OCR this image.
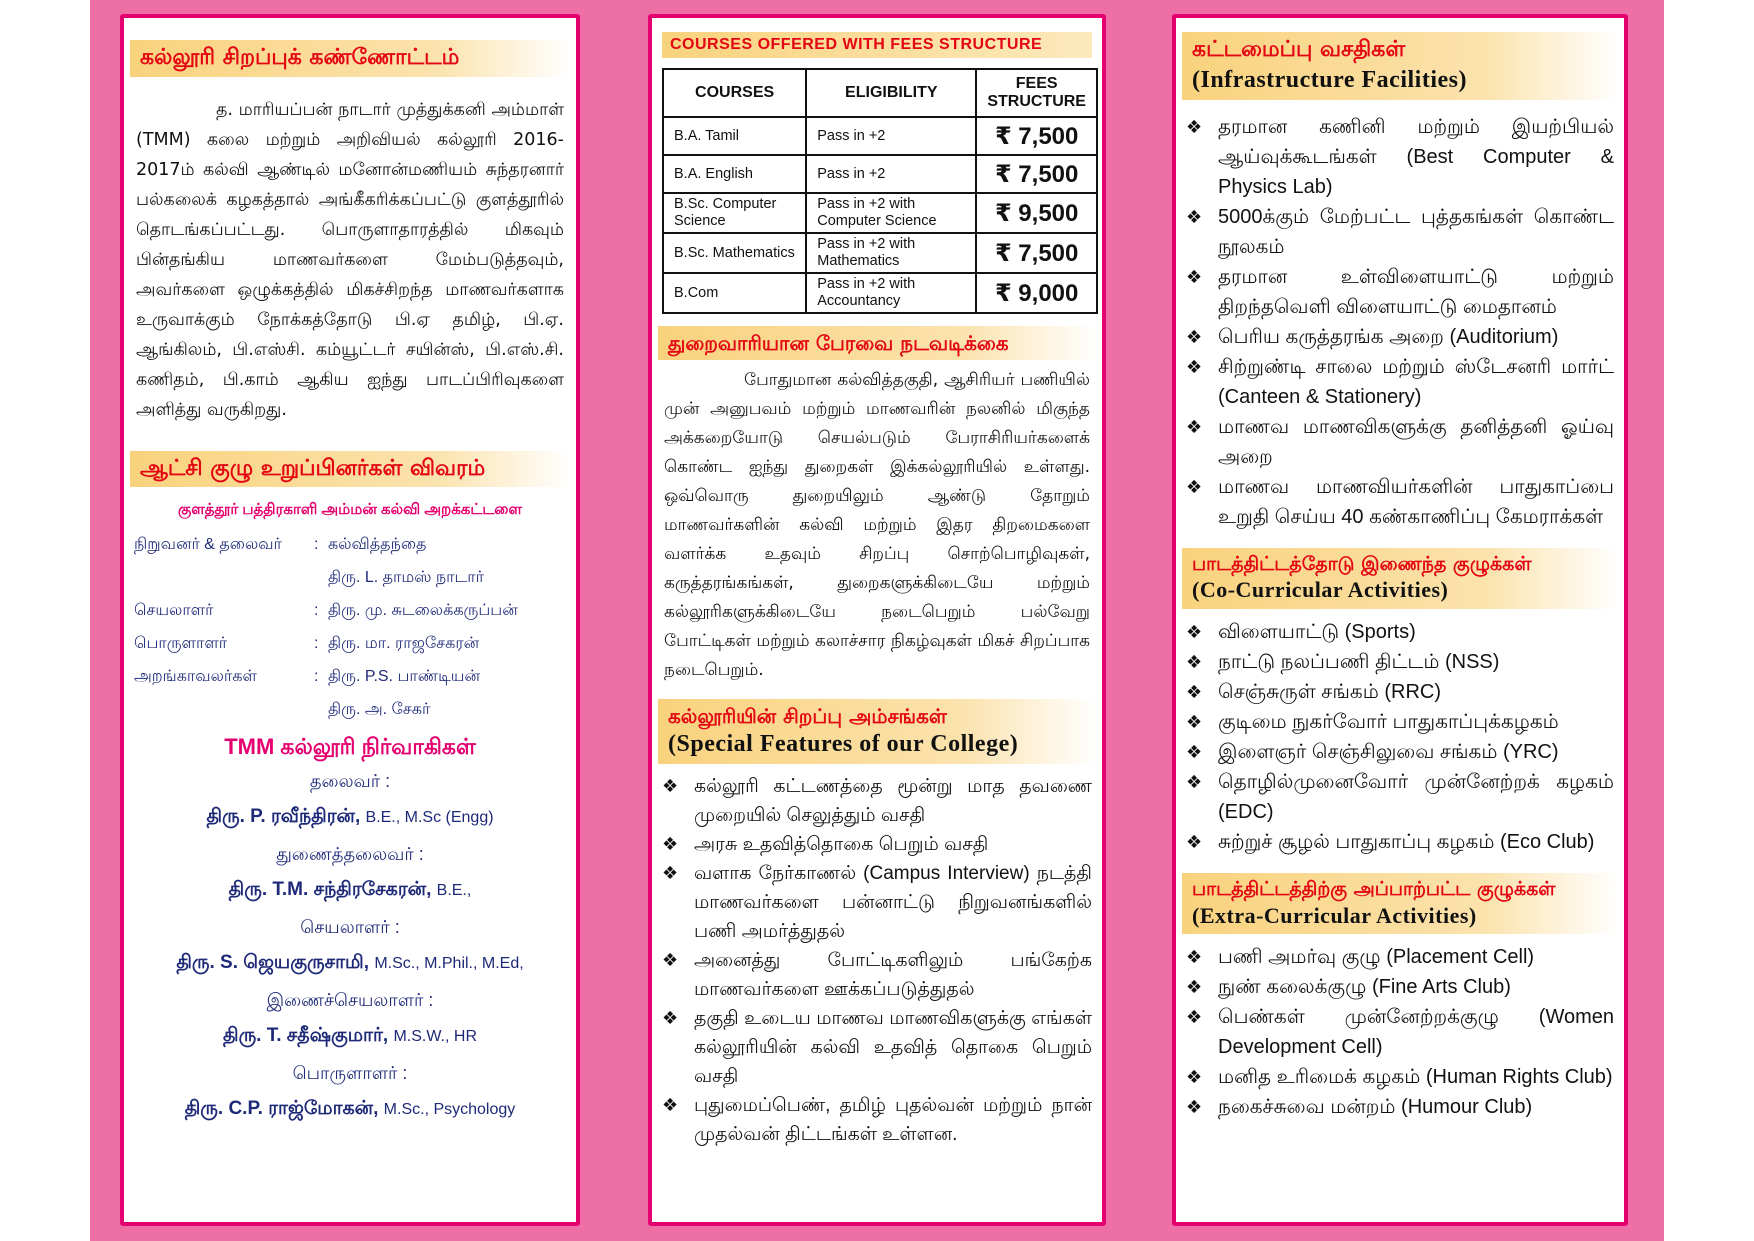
கல்லூரி சிறப்புக் கண்ணோட்டம்

த. மாரியப்பன் நாடார் முத்துக்கனி அம்மாள் (TMM) கலை மற்றும் அறிவியல் கல்லூரி 2016-2017ம் கல்வி ஆண்டில் மனோன்மணியம் சுந்தரனார் பல்கலைக் கழகத்தால் அங்கீகரிக்கப்பட்டு குளத்தூரில் தொடங்கப்பட்டது. பொருளாதாரத்தில் மிகவும் பின்தங்கிய மாணவர்களை மேம்படுத்தவும், அவர்களை ஒழுக்கத்தில் மிகச்சிறந்த மாணவர்களாக உருவாக்கும் நோக்கத்தோடு பி.ஏ தமிழ், பி.ஏ. ஆங்கிலம், பி.எஸ்சி. கம்யூட்டர் சயின்ஸ், பி.எஸ்.சி. கணிதம், பி.காம் ஆகிய ஐந்து பாடப்பிரிவுகளை அளித்து வருகிறது.

ஆட்சி குழு உறுப்பினர்கள் விவரம்
குளத்தூர் பத்திரகாளி அம்மன் கல்வி அறக்கட்டளை
நிறுவனர் & தலைவர்	: கல்வித்தந்தை
திரு. L. தாமஸ் நாடார்
செயலாளர்	: திரு. மு. சுடலைக்கருப்பன்
பொருளாளர்	: திரு. மா. ராஜசேகரன்
அறங்காவலர்கள்	: திரு. P.S. பாண்டியன்
திரு. அ. சேகர்
TMM கல்லூரி நிர்வாகிகள்
தலைவர் :
திரு. P. ரவீந்திரன், B.E., M.Sc (Engg)
துணைத்தலைவர் :
திரு. T.M. சந்திரசேகரன், B.E.,
செயலாளர் :
திரு. S. ஜெயகுருசாமி, M.Sc., M.Phil., M.Ed,
இணைச்செயலாளர் :
திரு. T. சதீஷ்குமார், M.S.W., HR
பொருளாளர் :
திரு. C.P. ராஜ்மோகன், M.Sc., Psychology
COURSES OFFERED WITH FEES STRUCTURE
COURSES	ELIGIBILITY	FEES STRUCTURE
B.A. Tamil	Pass in +2	₹ 7,500
B.A. English	Pass in +2	₹ 7,500
B.Sc. Computer Science	Pass in +2 with Computer Science	₹ 9,500
B.Sc. Mathematics	Pass in +2 with Mathematics	₹ 7,500
B.Com	Pass in +2 with Accountancy	₹ 9,000
துறைவாரியான பேரவை நடவடிக்கை

போதுமான கல்வித்தகுதி, ஆசிரியர் பணியில் முன் அனுபவம் மற்றும் மாணவரின் நலனில் மிகுந்த அக்கறையோடு செயல்படும் பேராசிரியர்களைக் கொண்ட ஐந்து துறைகள் இக்கல்லூரியில் உள்ளது. ஒவ்வொரு துறையிலும் ஆண்டு தோறும் மாணவர்களின் கல்வி மற்றும் இதர திறமைகளை வளர்க்க உதவும் சிறப்பு சொற்பொழிவுகள், கருத்தரங்கங்கள், துறைகளுக்கிடையே மற்றும் கல்லூரிகளுக்கிடையே நடைபெறும் பல்வேறு போட்டிகள் மற்றும் கலாச்சார நிகழ்வுகள் மிகச் சிறப்பாக நடைபெறும்.

கல்லூரியின் சிறப்பு அம்சங்கள்
(Special Features of our College)
❖ கல்லூரி கட்டணத்தை மூன்று மாத தவணை முறையில் செலுத்தும் வசதி
❖ அரசு உதவித்தொகை பெறும் வசதி
❖ வளாக நேர்காணல் (Campus Interview) நடத்தி மாணவர்களை பன்னாட்டு நிறுவனங்களில் பணி அமர்த்துதல்
❖ அனைத்து போட்டிகளிலும் பங்கேற்க மாணவர்களை ஊக்கப்படுத்துதல்
❖ தகுதி உடைய மாணவ மாணவிகளுக்கு எங்கள் கல்லூரியின் கல்வி உதவித் தொகை பெறும் வசதி
❖ புதுமைப்பெண், தமிழ் புதல்வன் மற்றும் நான் முதல்வன் திட்டங்கள் உள்ளன.
கட்டமைப்பு வசதிகள்
(Infrastructure Facilities)
❖ தரமான கணினி மற்றும் இயற்பியல் ஆய்வுக்கூடங்கள் (Best Computer & Physics Lab)
❖ 5000க்கும் மேற்பட்ட புத்தகங்கள் கொண்ட நூலகம்
❖ தரமான உள்விளையாட்டு மற்றும் திறந்தவெளி விளையாட்டு மைதானம்
❖ பெரிய கருத்தரங்க அறை (Auditorium)
❖ சிற்றுண்டி சாலை மற்றும் ஸ்டேசனரி மார்ட் (Canteen & Stationery)
❖ மாணவ மாணவிகளுக்கு தனித்தனி ஓய்வு அறை
❖ மாணவ மாணவியர்களின் பாதுகாப்பை உறுதி செய்ய 40 கண்காணிப்பு கேமராக்கள்
பாடத்திட்டத்தோடு இணைந்த குழுக்கள்
(Co-Curricular Activities)
❖ விளையாட்டு (Sports)
❖ நாட்டு நலப்பணி திட்டம் (NSS)
❖ செஞ்சுருள் சங்கம் (RRC)
❖ குடிமை நுகர்வோர் பாதுகாப்புக்கழகம்
❖ இளைஞர் செஞ்சிலுவை சங்கம் (YRC)
❖ தொழில்முனைவோர் முன்னேற்றக் கழகம் (EDC)
❖ சுற்றுச் சூழல் பாதுகாப்பு கழகம் (Eco Club)
பாடத்திட்டத்திற்கு அப்பாற்பட்ட குழுக்கள்
(Extra-Curricular Activities)
❖ பணி அமர்வு குழு (Placement Cell)
❖ நுண் கலைக்குழு (Fine Arts Club)
❖ பெண்கள் முன்னேற்றக்குழு (Women Development Cell)
❖ மனித உரிமைக் கழகம் (Human Rights Club)
❖ நகைச்சுவை மன்றம் (Humour Club)
